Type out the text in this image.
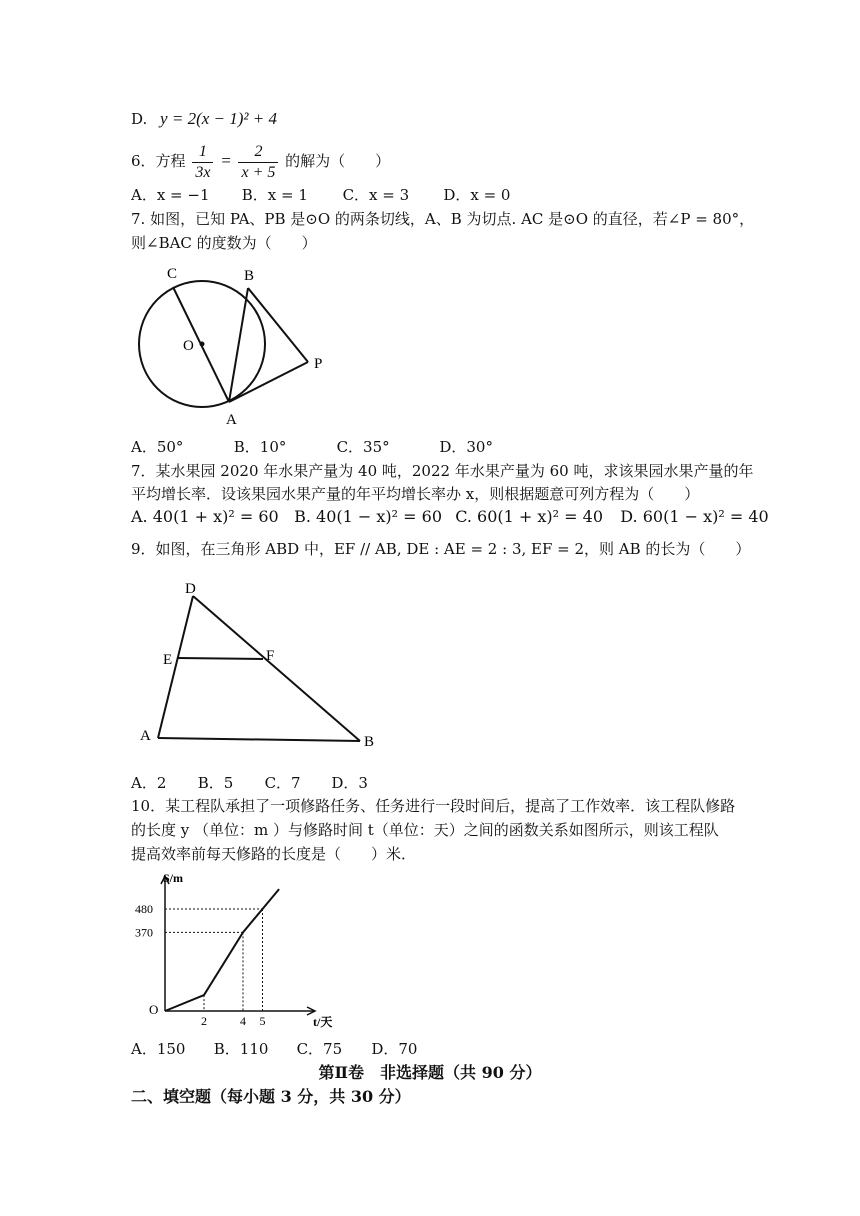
D. y = 2(x − 1)² + 4
6．方程 $\frac{1}{3x} = \frac{2}{x + 5}$ 的解为（　　）
A．x = −1 B．x = 1 C．x = 3 D．x = 0
7. 如图，已知 PA、PB 是⊙O 的两条切线，A、B 为切点. AC 是⊙O 的直径，若∠P = 80°，
则∠BAC 的度数为（　　）
C	B
O
P
A
A．50°	B．10°	C．35°	D．30°
7．某水果园 2020 年水果产量为 40 吨，2022 年水果产量为 60 吨，求该果园水果产量的年
平均增长率．设该果园水果产量的年平均增长率办 x，则根据题意可列方程为（　　）
A. 40(1 + x)² = 60 B. 40(1 − x)² = 60 C. 60(1 + x)² = 40 D. 60(1 − x)² = 40
9．如图，在三角形 ABD 中，EF // AB, DE : AE = 2 : 3, EF = 2，则 AB 的长为（　　）
D
E	F
A	B
A．2 B．5 C．7 D．3
10．某工程队承担了一项修路任务、任务进行一段时间后，提高了工作效率．该工程队修路
的长度 y （单位：m ）与修路时间 t（单位：天）之间的函数关系如图所示，则该工程队
提高效率前每天修路的长度是（　　）米．
2	4 5
370
480
S/m
t/天
O
A．150 B．110 C．75 D．70
第Ⅱ卷　非选择题（共 90 分）
二、填空题（每小题 3 分，共 30 分）
